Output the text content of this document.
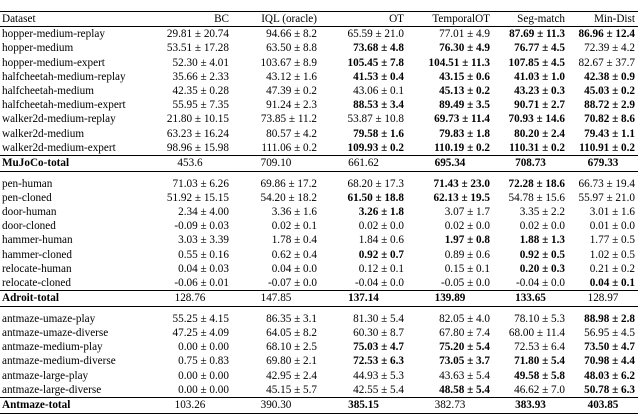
Dataset	BC	IQL (oracle)	OT	TemporalOT	Seg-match	Min-Dist
hopper-medium-replay	29.81 ± 20.74	94.66 ± 8.2	65.59 ± 21.0	77.01 ± 4.9	87.69 ± 11.3	86.96 ± 12.4
hopper-medium	53.51 ± 17.28	63.50 ± 8.8	73.68 ± 4.8	76.30 ± 4.9	76.77 ± 4.5	72.39 ± 4.2
hopper-medium-expert	52.30 ± 4.01	103.67 ± 8.9	105.45 ± 7.8	104.51 ± 11.3	107.85 ± 4.5	82.67 ± 37.7
halfcheetah-medium-replay	35.66 ± 2.33	43.12 ± 1.6	41.53 ± 0.4	43.15 ± 0.6	41.03 ± 1.0	42.38 ± 0.9
halfcheetah-medium	42.35 ± 0.28	47.39 ± 0.2	43.06 ± 0.1	45.13 ± 0.2	43.23 ± 0.3	45.03 ± 0.2
halfcheetah-medium-expert	55.95 ± 7.35	91.24 ± 2.3	88.53 ± 3.4	89.49 ± 3.5	90.71 ± 2.7	88.72 ± 2.9
walker2d-medium-replay	21.80 ± 10.15	73.85 ± 11.2	53.87 ± 10.8	69.73 ± 11.4	70.93 ± 14.6	70.82 ± 8.6
walker2d-medium	63.23 ± 16.24	80.57 ± 4.2	79.58 ± 1.6	79.83 ± 1.8	80.20 ± 2.4	79.43 ± 1.1
walker2d-medium-expert	98.96 ± 15.98	111.06 ± 0.2	109.93 ± 0.2	110.19 ± 0.2	110.31 ± 0.2	110.91 ± 0.2
MuJoCo-total	453.6	709.10	661.62	695.34	708.73	679.33

pen-human	71.03 ± 6.26	69.86 ± 17.2	68.20 ± 17.3	71.43 ± 23.0	72.28 ± 18.6	66.73 ± 19.4
pen-cloned	51.92 ± 15.15	54.20 ± 18.2	61.50 ± 18.8	62.13 ± 19.5	54.78 ± 15.6	55.97 ± 21.0
door-human	2.34 ± 4.00	3.36 ± 1.6	3.26 ± 1.8	3.07 ± 1.7	3.35 ± 2.2	3.01 ± 1.6
door-cloned	-0.09 ± 0.03	0.02 ± 0.1	0.02 ± 0.0	0.02 ± 0.0	0.02 ± 0.0	0.01 ± 0.0
hammer-human	3.03 ± 3.39	1.78 ± 0.4	1.84 ± 0.6	1.97 ± 0.8	1.88 ± 1.3	1.77 ± 0.5
hammer-cloned	0.55 ± 0.16	0.62 ± 0.4	0.92 ± 0.7	0.89 ± 0.6	0.92 ± 0.5	1.02 ± 0.5
relocate-human	0.04 ± 0.03	0.04 ± 0.0	0.12 ± 0.1	0.15 ± 0.1	0.20 ± 0.3	0.21 ± 0.2
relocate-cloned	-0.06 ± 0.01	-0.07 ± 0.0	-0.04 ± 0.0	-0.05 ± 0.0	-0.04 ± 0.0	0.04 ± 0.1
Adroit-total	128.76	147.85	137.14	139.89	133.65	128.97

antmaze-umaze-play	55.25 ± 4.15	86.35 ± 3.1	81.30 ± 5.4	82.05 ± 4.0	78.10 ± 5.3	88.98 ± 2.8
antmaze-umaze-diverse	47.25 ± 4.09	64.05 ± 8.2	60.30 ± 8.7	67.80 ± 7.4	68.00 ± 11.4	56.95 ± 4.5
antmaze-medium-play	0.00 ± 0.00	68.10 ± 2.5	75.03 ± 4.7	75.20 ± 5.4	72.53 ± 6.4	73.50 ± 4.7
antmaze-medium-diverse	0.75 ± 0.83	69.80 ± 2.1	72.53 ± 6.3	73.05 ± 3.7	71.80 ± 5.4	70.98 ± 4.4
antmaze-large-play	0.00 ± 0.00	42.95 ± 2.4	44.93 ± 5.3	43.63 ± 5.4	49.58 ± 5.8	48.03 ± 6.2
antmaze-large-diverse	0.00 ± 0.00	45.15 ± 5.7	42.55 ± 5.4	48.58 ± 5.4	46.62 ± 7.0	50.78 ± 6.3
Antmaze-total	103.26	390.30	385.15	382.73	383.93	403.85
